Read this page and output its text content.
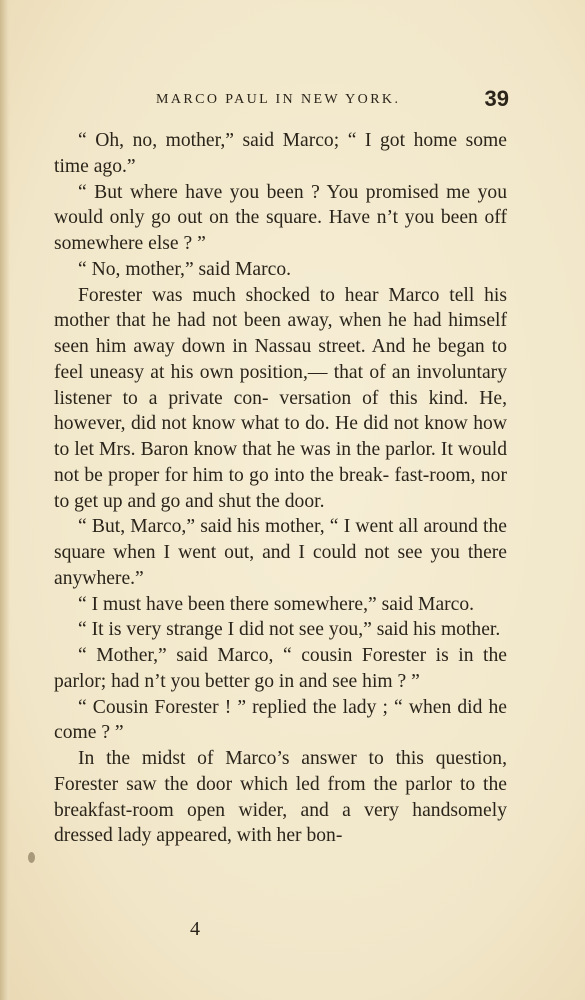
MARCO PAUL IN NEW YORK.	39

“ Oh, no, mother,” said Marco; “ I got home some time ago.”

“ But where have you been ? You promised me you would only go out on the square. Have n’t you been off somewhere else ? ”

“ No, mother,” said Marco.

Forester was much shocked to hear Marco tell his mother that he had not been away, when he had himself seen him away down in Nassau street. And he began to feel uneasy at his own position,— that of an involuntary listener to a private con- versation of this kind. He, however, did not know what to do. He did not know how to let Mrs. Baron know that he was in the parlor. It would not be proper for him to go into the break- fast-room, nor to get up and go and shut the door.

“ But, Marco,” said his mother, “ I went all around the square when I went out, and I could not see you there anywhere.”

“ I must have been there somewhere,” said Marco.

“ It is very strange I did not see you,” said his mother.

“ Mother,” said Marco, “ cousin Forester is in the parlor; had n’t you better go in and see him ? ”

“ Cousin Forester ! ” replied the lady ; “ when did he come ? ”

In the midst of Marco’s answer to this question, Forester saw the door which led from the parlor to the breakfast-room open wider, and a very handsomely dressed lady appeared, with her bon-

4
